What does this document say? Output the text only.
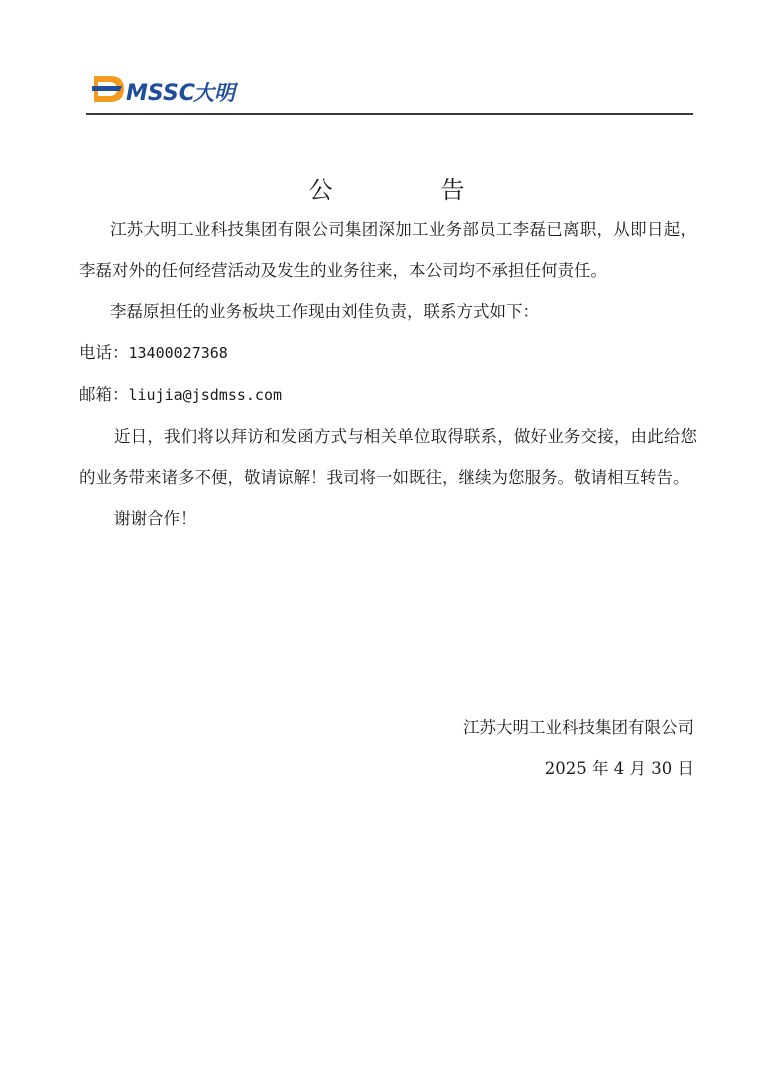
MSSC
大明
公　告

江苏大明工业科技集团有限公司集团深加工业务部员工李磊已离职，从即日起，李磊对外的任何经营活动及发生的业务往来，本公司均不承担任何责任。

李磊原担任的业务板块工作现由刘佳负责，联系方式如下：

电话：13400027368

邮箱：liujia@jsdmss.com

近日，我们将以拜访和发函方式与相关单位取得联系，做好业务交接，由此给您的业务带来诸多不便，敬请谅解！我司将一如既往，继续为您服务。敬请相互转告。

谢谢合作！

江苏大明工业科技集团有限公司
2025 年 4 月 30 日
